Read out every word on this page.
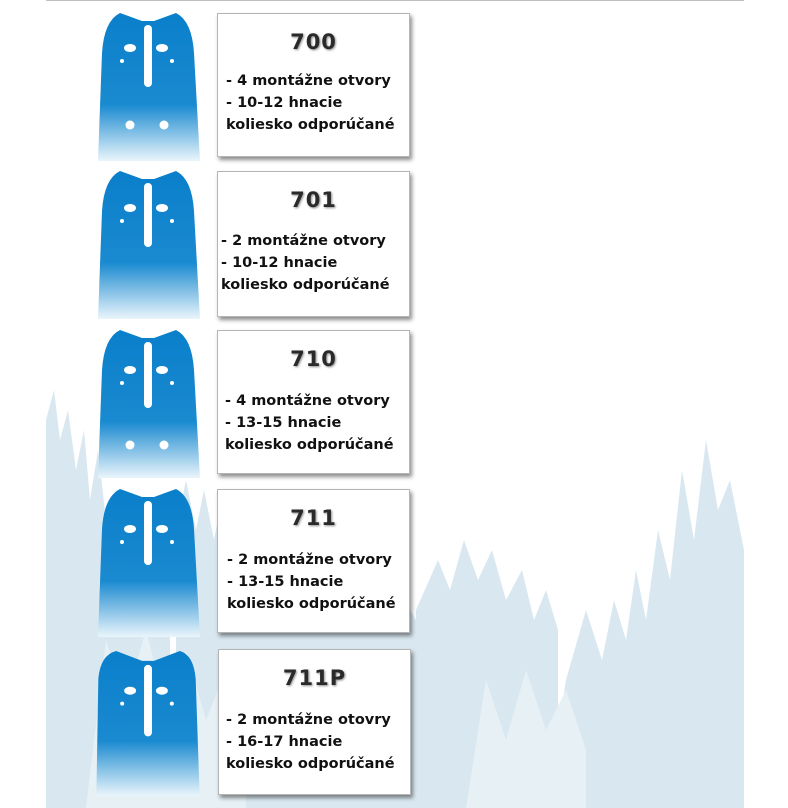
700
- 4 montážne otvory
- 10-12 hnacie
koliesko odporúčané
701
- 2 montážne otvory
- 10-12 hnacie
koliesko odporúčané
710
- 4 montážne otvory
- 13-15 hnacie
koliesko odporúčané
711
- 2 montážne otvory
- 13-15 hnacie
koliesko odporúčané
711P
- 2 montážne otovry
- 16-17 hnacie
koliesko odporúčané
